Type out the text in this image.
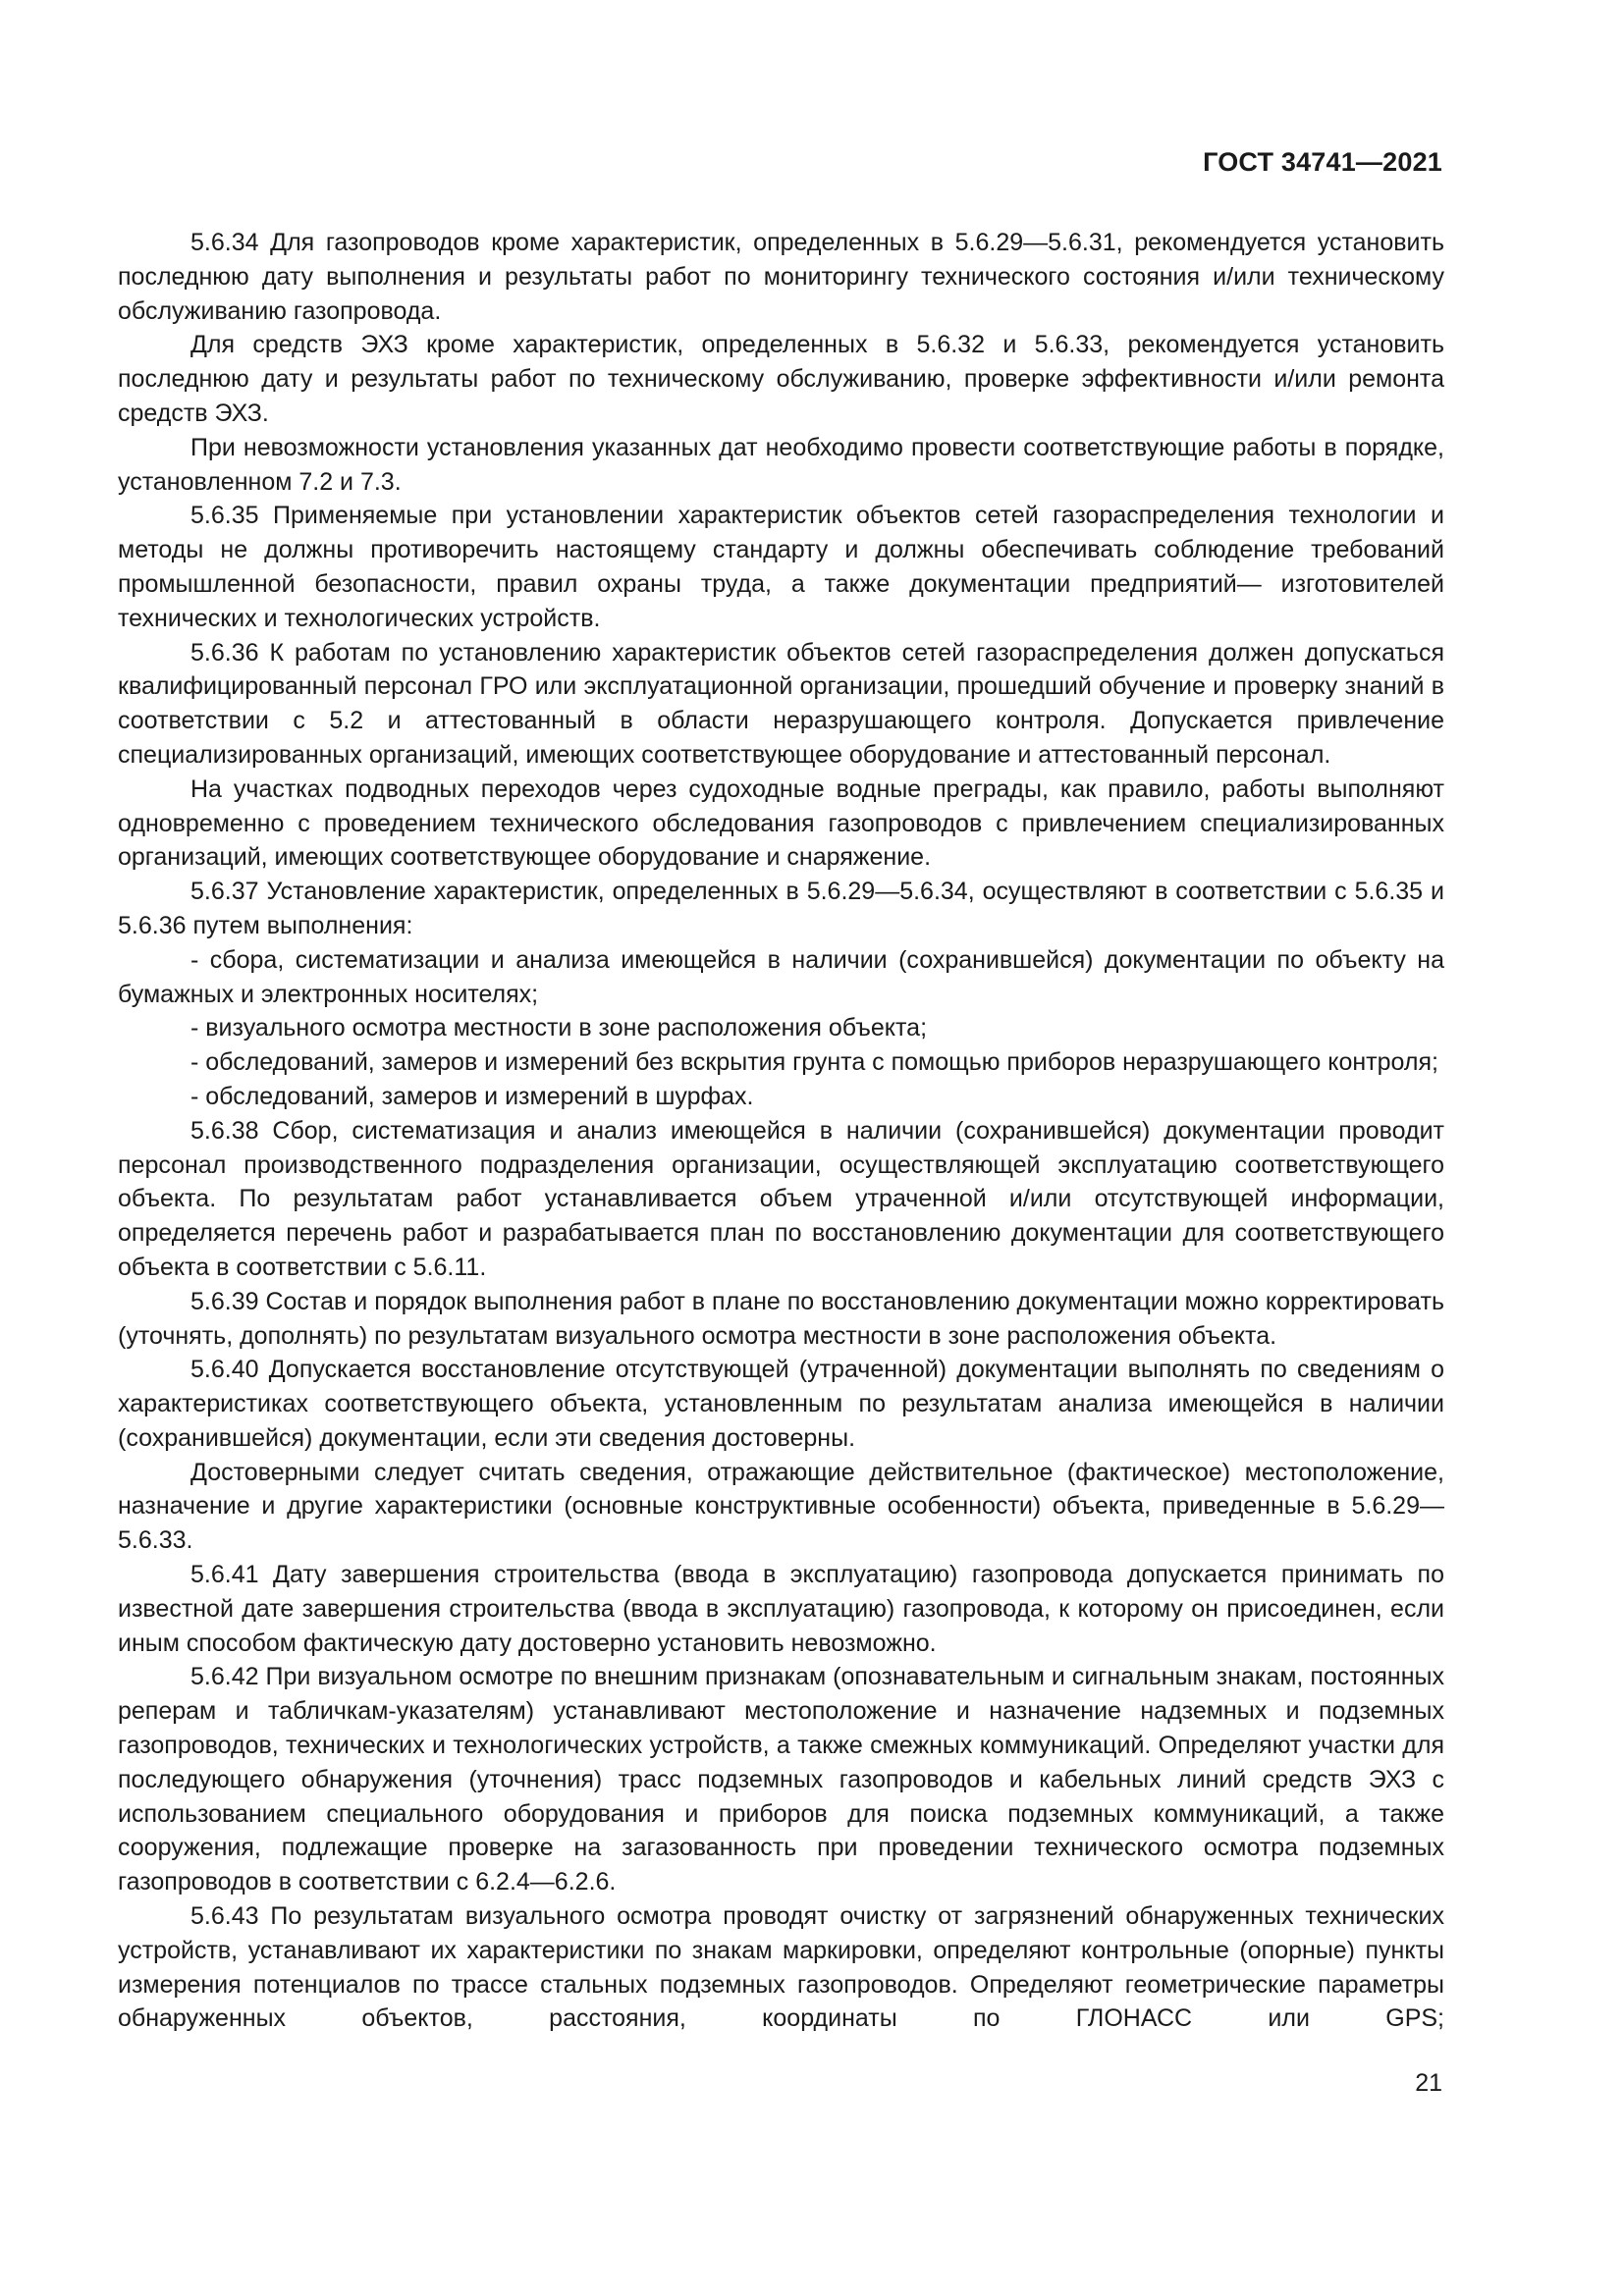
ГОСТ 34741—2021

5.6.34 Для газопроводов кроме характеристик, определенных в 5.6.29—5.6.31, рекомендуется установить последнюю дату выполнения и результаты работ по мониторингу технического состояния и/или техническому обслуживанию газопровода.

Для средств ЭХЗ кроме характеристик, определенных в 5.6.32 и 5.6.33, рекомендуется установить последнюю дату и результаты работ по техническому обслуживанию, проверке эффективности и/или ремонта средств ЭХЗ.

При невозможности установления указанных дат необходимо провести соответствующие работы в порядке, установленном 7.2 и 7.3.

5.6.35 Применяемые при установлении характеристик объектов сетей газораспределения технологии и методы не должны противоречить настоящему стандарту и должны обеспечивать соблюдение требований промышленной безопасности, правил охраны труда, а также документации предприятий— изготовителей технических и технологических устройств.

5.6.36 К работам по установлению характеристик объектов сетей газораспределения должен допускаться квалифицированный персонал ГРО или эксплуатационной организации, прошедший обучение и проверку знаний в соответствии с 5.2 и аттестованный в области неразрушающего контроля. Допускается привлечение специализированных организаций, имеющих соответствующее оборудование и аттестованный персонал.

На участках подводных переходов через судоходные водные преграды, как правило, работы выполняют одновременно с проведением технического обследования газопроводов с привлечением специализированных организаций, имеющих соответствующее оборудование и снаряжение.

5.6.37 Установление характеристик, определенных в 5.6.29—5.6.34, осуществляют в соответствии с 5.6.35 и 5.6.36 путем выполнения:

- сбора, систематизации и анализа имеющейся в наличии (сохранившейся) документации по объекту на бумажных и электронных носителях;

- визуального осмотра местности в зоне расположения объекта;

- обследований, замеров и измерений без вскрытия грунта с помощью приборов неразрушающего контроля;

- обследований, замеров и измерений в шурфах.

5.6.38 Сбор, систематизация и анализ имеющейся в наличии (сохранившейся) документации проводит персонал производственного подразделения организации, осуществляющей эксплуатацию соответствующего объекта. По результатам работ устанавливается объем утраченной и/или отсутствующей информации, определяется перечень работ и разрабатывается план по восстановлению документации для соответствующего объекта в соответствии с 5.6.11.

5.6.39 Состав и порядок выполнения работ в плане по восстановлению документации можно корректировать (уточнять, дополнять) по результатам визуального осмотра местности в зоне расположения объекта.

5.6.40 Допускается восстановление отсутствующей (утраченной) документации выполнять по сведениям о характеристиках соответствующего объекта, установленным по результатам анализа имеющейся в наличии (сохранившейся) документации, если эти сведения достоверны.

Достоверными следует считать сведения, отражающие действительное (фактическое) местоположение, назначение и другие характеристики (основные конструктивные особенности) объекта, приведенные в 5.6.29—5.6.33.

5.6.41 Дату завершения строительства (ввода в эксплуатацию) газопровода допускается принимать по известной дате завершения строительства (ввода в эксплуатацию) газопровода, к которому он присоединен, если иным способом фактическую дату достоверно установить невозможно.

5.6.42 При визуальном осмотре по внешним признакам (опознавательным и сигнальным знакам, постоянных реперам и табличкам-указателям) устанавливают местоположение и назначение надземных и подземных газопроводов, технических и технологических устройств, а также смежных коммуникаций. Определяют участки для последующего обнаружения (уточнения) трасс подземных газопроводов и кабельных линий средств ЭХЗ с использованием специального оборудования и приборов для поиска подземных коммуникаций, а также сооружения, подлежащие проверке на загазованность при проведении технического осмотра подземных газопроводов в соответствии с 6.2.4—6.2.6.

5.6.43 По результатам визуального осмотра проводят очистку от загрязнений обнаруженных технических устройств, устанавливают их характеристики по знакам маркировки, определяют контрольные (опорные) пункты измерения потенциалов по трассе стальных подземных газопроводов. Определяют геометрические параметры обнаруженных объектов, расстояния, координаты по ГЛОНАСС или GPS;

21
